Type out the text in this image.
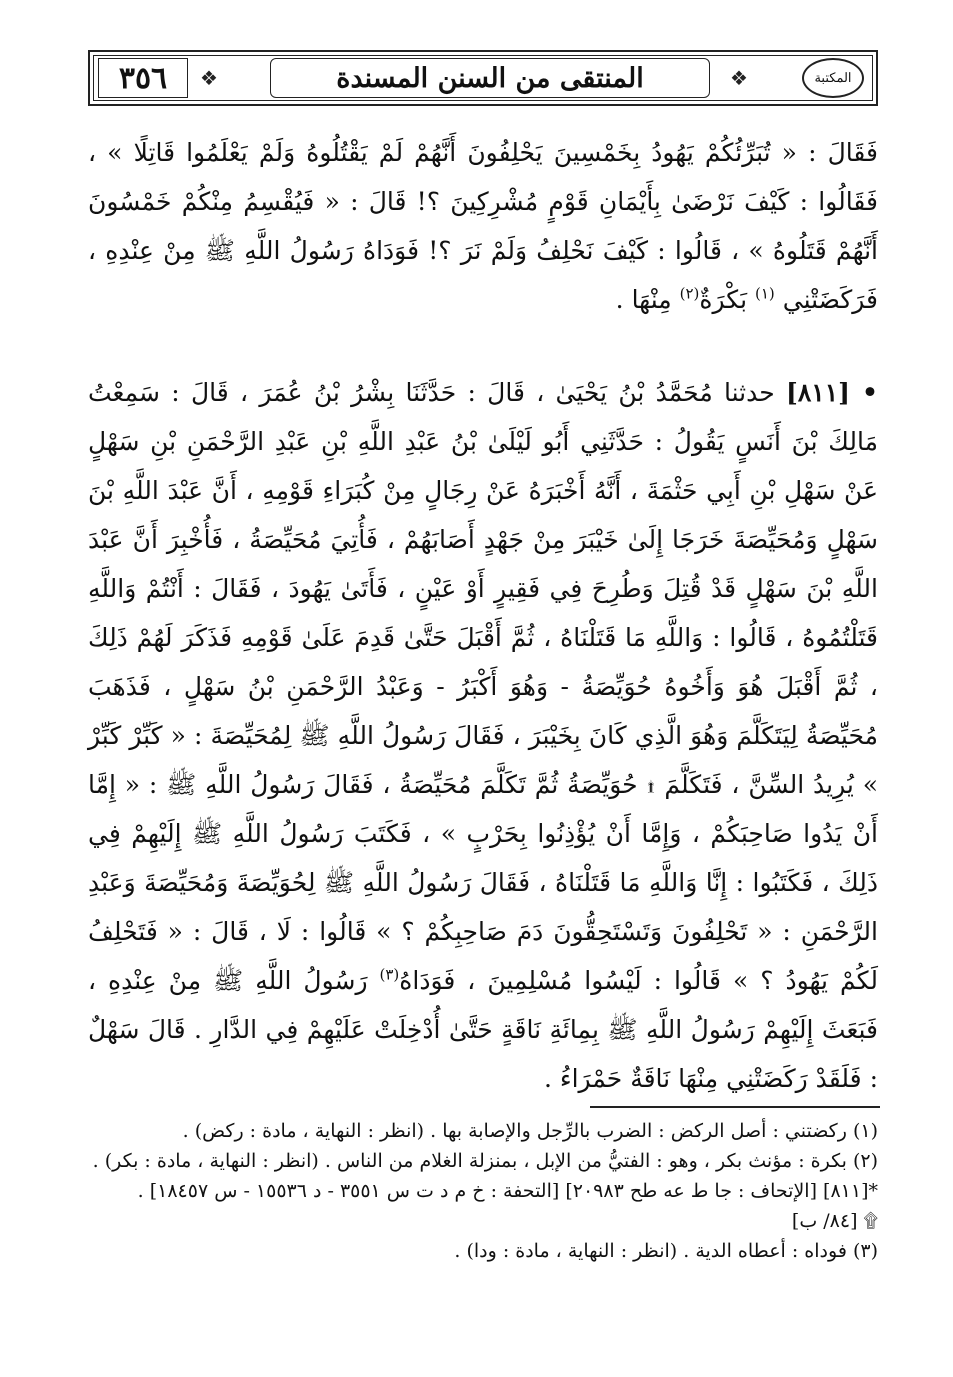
٣٥٦	❖	المنتقى من السنن المسندة	❖	المكتبة

فَقَالَ : « تُبَرِّئُكُمْ يَهُودُ بِخَمْسِينَ يَحْلِفُونَ أَنَّهُمْ لَمْ يَقْتُلُوهُ وَلَمْ يَعْلَمُوا قَاتِلًا » ، فَقَالُوا : كَيْفَ نَرْضَىٰ بِأَيْمَانِ قَوْمٍ مُشْرِكِينَ ؟! قَالَ : « فَيُقْسِمُ مِنْكُمْ خَمْسُونَ أَنَّهُمْ قَتَلُوهُ » ، قَالُوا : كَيْفَ نَحْلِفُ وَلَمْ نَرَ ؟! فَوَدَاهُ رَسُولُ اللَّهِ ﷺ مِنْ عِنْدِهِ ، فَرَكَضَتْنِي $^{(١)}$ بَكْرَةٌ$^{(٢)}$ مِنْهَا .

• [٨١١] حدثنا مُحَمَّدُ بْنُ يَحْيَىٰ ، قَالَ : حَدَّثَنَا بِشْرُ بْنُ عُمَرَ ، قَالَ : سَمِعْتُ مَالِكَ بْنَ أَنَسٍ يَقُولُ : حَدَّثَنِي أَبُو لَيْلَىٰ بْنُ عَبْدِ اللَّهِ بْنِ عَبْدِ الرَّحْمَنِ بْنِ سَهْلٍ عَنْ سَهْلِ بْنِ أَبِي حَثْمَةَ ، أَنَّهُ أَخْبَرَهُ عَنْ رِجَالٍ مِنْ كُبَرَاءِ قَوْمِهِ ، أَنَّ عَبْدَ اللَّهِ بْنَ سَهْلٍ وَمُحَيِّصَةَ خَرَجَا إِلَىٰ خَيْبَرَ مِنْ جَهْدٍ أَصَابَهُمْ ، فَأُتِيَ مُحَيِّصَةُ ، فَأُخْبِرَ أَنَّ عَبْدَ اللَّهِ بْنَ سَهْلٍ قَدْ قُتِلَ وَطُرِحَ فِي فَقِيرٍ أَوْ عَيْنٍ ، فَأَتَىٰ يَهُودَ ، فَقَالَ : أَنْتُمْ وَاللَّهِ قَتَلْتُمُوهُ ، قَالُوا : وَاللَّهِ مَا قَتَلْنَاهُ ، ثُمَّ أَقْبَلَ حَتَّىٰ قَدِمَ عَلَىٰ قَوْمِهِ فَذَكَرَ لَهُمْ ذَلِكَ ، ثُمَّ أَقْبَلَ هُوَ وَأَخُوهُ حُوَيِّصَةُ - وَهُوَ أَكْبَرُ - وَعَبْدُ الرَّحْمَنِ بْنُ سَهْلٍ ، فَذَهَبَ مُحَيِّصَةُ لِيَتَكَلَّمَ وَهُوَ الَّذِي كَانَ بِخَيْبَرَ ، فَقَالَ رَسُولُ اللَّهِ ﷺ لِمُحَيِّصَةَ : « كَبِّرْ كَبِّرْ » يُرِيدُ السِّنَّ ، فَتَكَلَّمَ ۩ حُوَيِّصَةُ ثُمَّ تَكَلَّمَ مُحَيِّصَةُ ، فَقَالَ رَسُولُ اللَّهِ ﷺ : « إِمَّا أَنْ يَدُوا صَاحِبَكُمْ ، وَإِمَّا أَنْ يُؤْذِنُوا بِحَرْبٍ » ، فَكَتَبَ رَسُولُ اللَّهِ ﷺ إِلَيْهِمْ فِي ذَلِكَ ، فَكَتَبُوا : إِنَّا وَاللَّهِ مَا قَتَلْنَاهُ ، فَقَالَ رَسُولُ اللَّهِ ﷺ لِحُوَيِّصَةَ وَمُحَيِّصَةَ وَعَبْدِ الرَّحْمَنِ : « تَحْلِفُونَ وَتَسْتَحِقُّونَ دَمَ صَاحِبِكُمْ ؟ » قَالُوا : لَا ، قَالَ : « فَتَحْلِفُ لَكُمْ يَهُودُ ؟ » قَالُوا : لَيْسُوا مُسْلِمِينَ ، فَوَدَاهُ$^{(٣)}$ رَسُولُ اللَّهِ ﷺ مِنْ عِنْدِهِ ، فَبَعَثَ إِلَيْهِمْ رَسُولُ اللَّهِ ﷺ بِمِائَةِ نَاقَةٍ حَتَّىٰ أُدْخِلَتْ عَلَيْهِمْ فِي الدَّارِ . قَالَ سَهْلٌ : فَلَقَدْ رَكَضَتْنِي مِنْهَا نَاقَةٌ حَمْرَاءُ .

(١) ركضتني : أصل الركض : الضرب بالرِّجل والإصابة بها . (انظر : النهاية ، مادة : ركض) .

(٢) بكرة : مؤنث بكر ، وهو : الفتيُّ من الإبل ، بمنزلة الغلام من الناس . (انظر : النهاية ، مادة : بكر) .

*[٨١١] [الإتحاف : جا ط عه طح ٢٠٩٨٣] [التحفة : خ م د ت س ٣٥٥١ - د ١٥٥٣٦ - س ١٨٤٥٧] .

۩ [٨٤/ ب]

(٣) فوداه : أعطاه الدية . (انظر : النهاية ، مادة : ودا) .
